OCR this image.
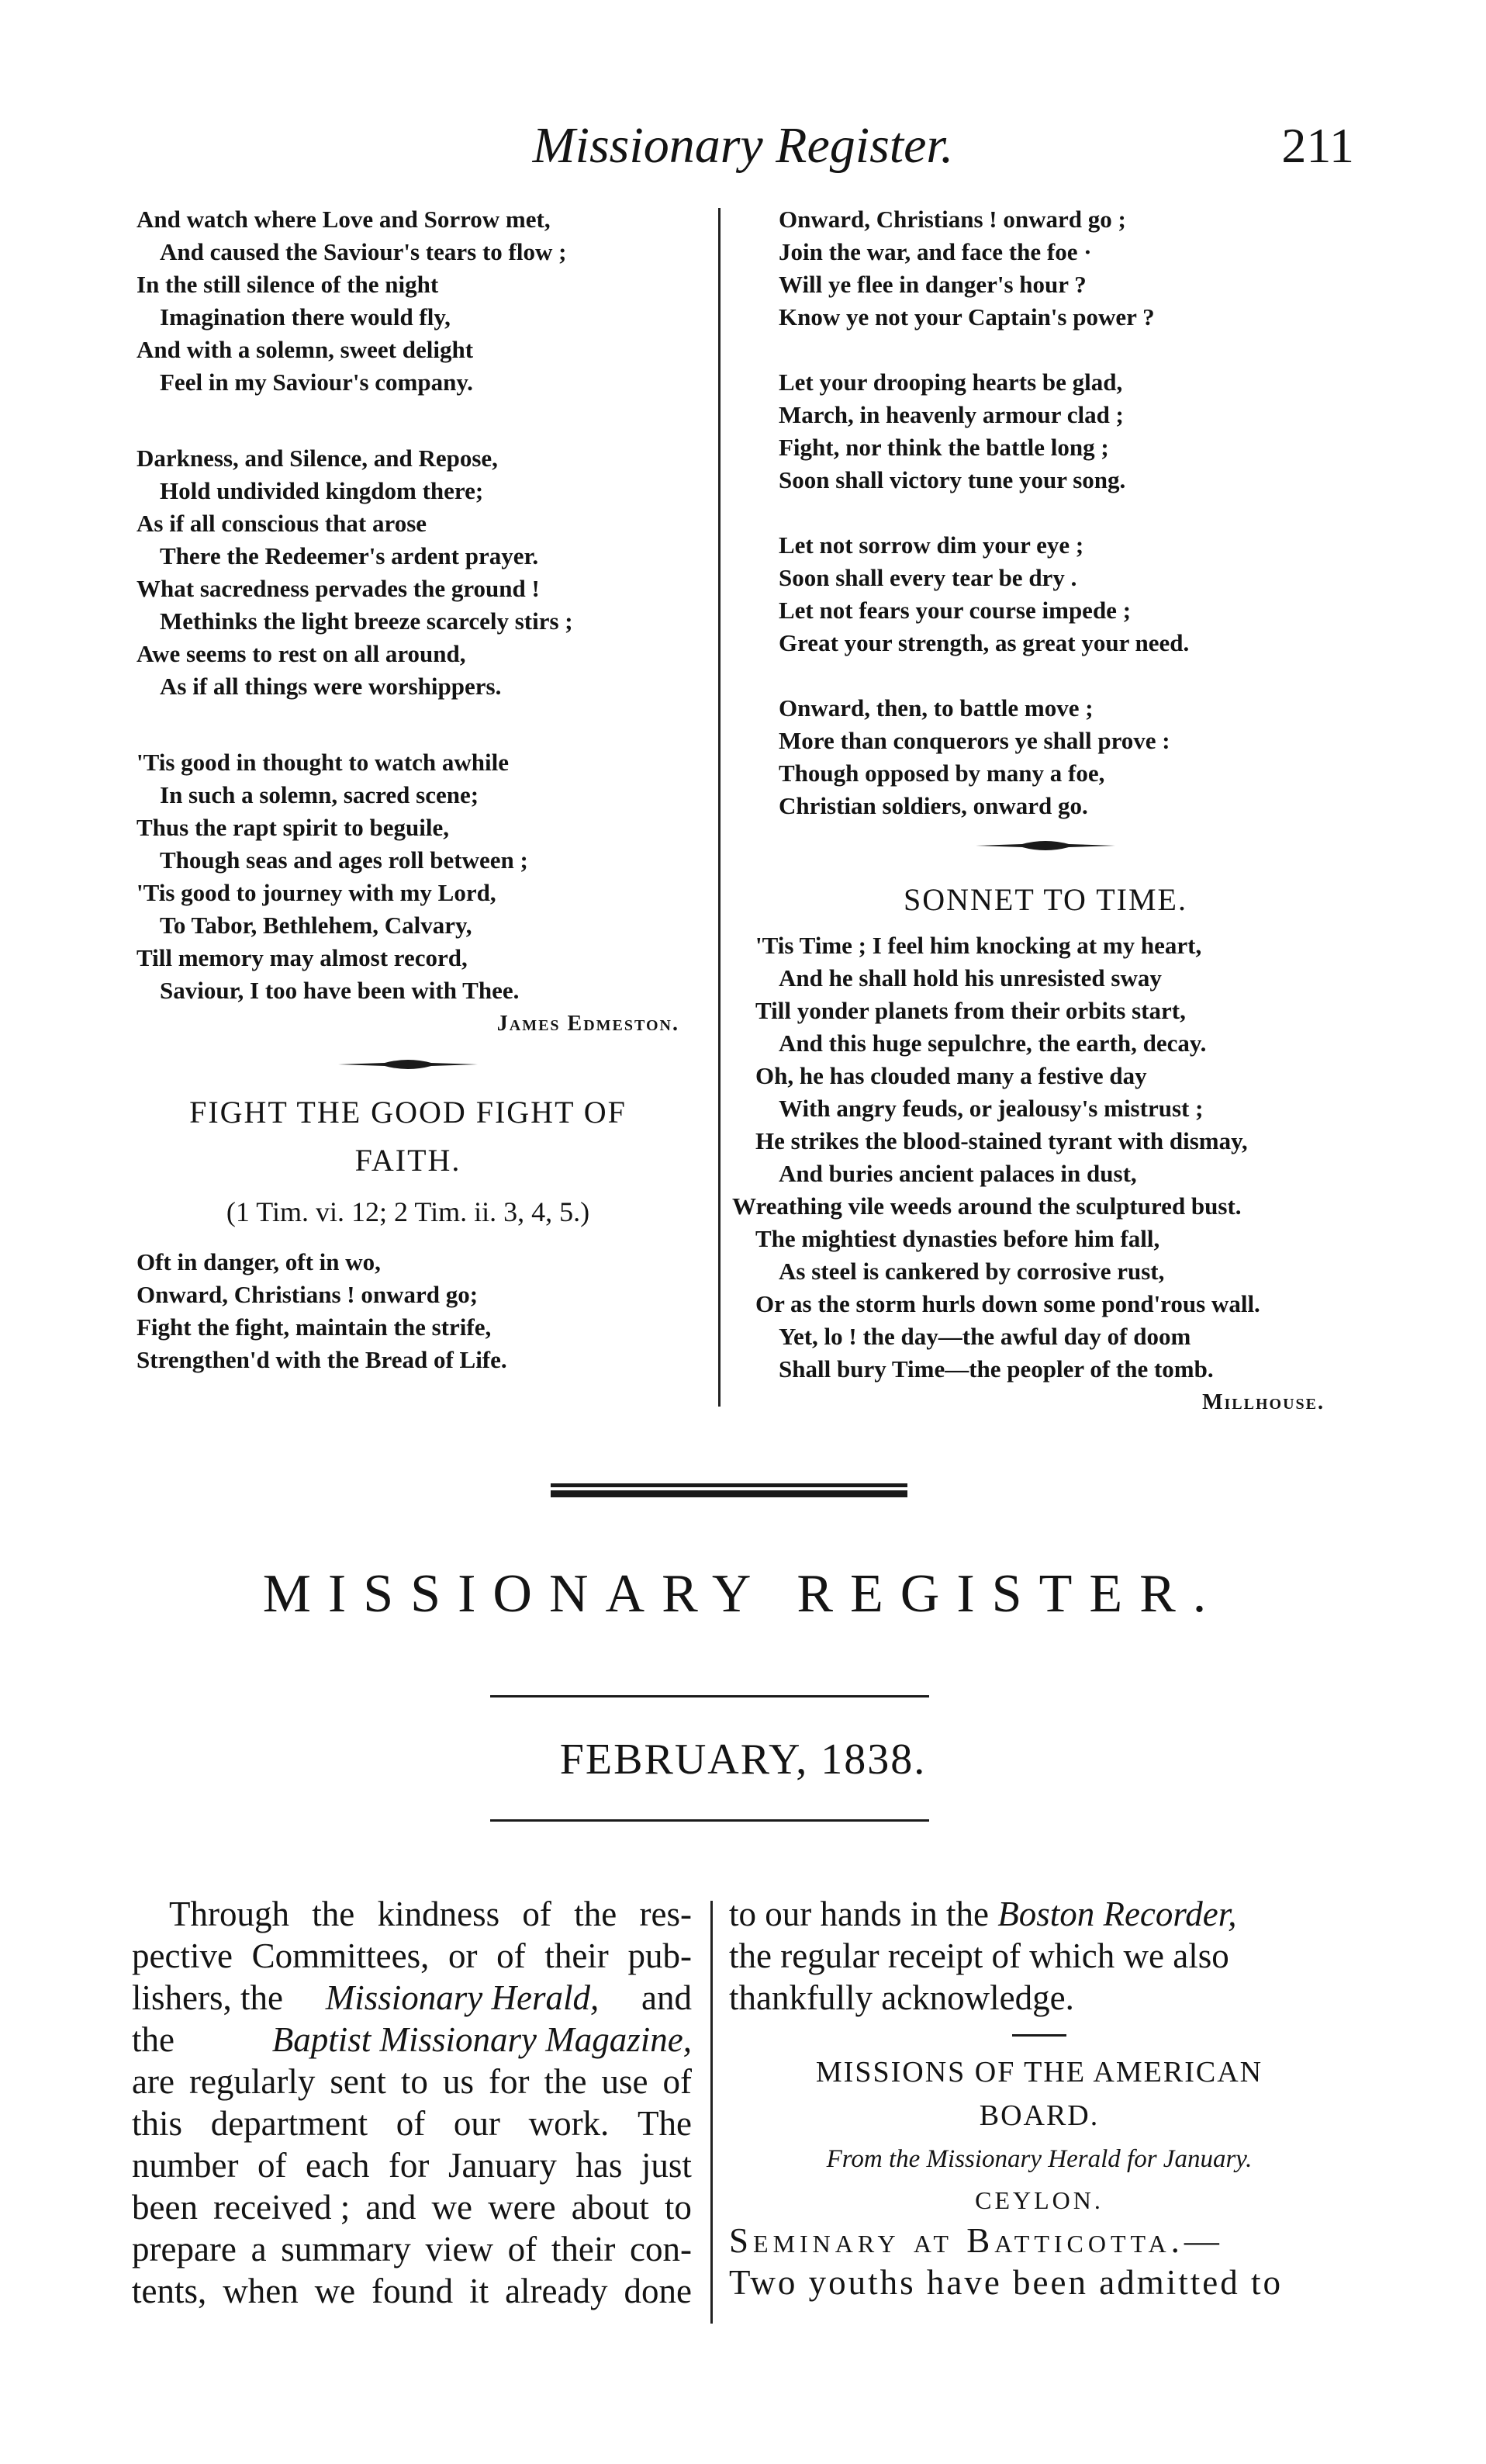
Missionary Register.	211
And watch where Love and Sorrow met,
And caused the Saviour's tears to flow ;
In the still silence of the night
Imagination there would fly,
And with a solemn, sweet delight
Feel in my Saviour's company.
Darkness, and Silence, and Repose,
Hold undivided kingdom there;
As if all conscious that arose
There the Redeemer's ardent prayer.
What sacredness pervades the ground !
Methinks the light breeze scarcely stirs ;
Awe seems to rest on all around,
As if all things were worshippers.
'Tis good in thought to watch awhile
In such a solemn, sacred scene;
Thus the rapt spirit to beguile,
Though seas and ages roll between ;
'Tis good to journey with my Lord,
To Tabor, Bethlehem, Calvary,
Till memory may almost record,
Saviour, I too have been with Thee.
James Edmeston.
FIGHT THE GOOD FIGHT OF
FAITH.
(1 Tim. vi. 12; 2 Tim. ii. 3, 4, 5.)
Oft in danger, oft in wo,
Onward, Christians ! onward go;
Fight the fight, maintain the strife,
Strengthen'd with the Bread of Life.
Onward, Christians ! onward go ;
Join the war, and face the foe ·
Will ye flee in danger's hour ?
Know ye not your Captain's power ?
Let your drooping hearts be glad,
March, in heavenly armour clad ;
Fight, nor think the battle long ;
Soon shall victory tune your song.
Let not sorrow dim your eye ;
Soon shall every tear be dry .
Let not fears your course impede ;
Great your strength, as great your need.
Onward, then, to battle move ;
More than conquerors ye shall prove :
Though opposed by many a foe,
Christian soldiers, onward go.
SONNET TO TIME.
'Tis Time ; I feel him knocking at my heart,
And he shall hold his unresisted sway
Till yonder planets from their orbits start,
And this huge sepulchre, the earth, decay.
Oh, he has clouded many a festive day
With angry feuds, or jealousy's mistrust ;
He strikes the blood-stained tyrant with dismay,
And buries ancient palaces in dust,
Wreathing vile weeds around the sculptured bust.
The mightiest dynasties before him fall,
As steel is cankered by corrosive rust,
Or as the storm hurls down some pond'rous wall.
Yet, lo ! the day—the awful day of doom
Shall bury Time—the peopler of the tomb.
Millhouse.
MISSIONARY REGISTER.
FEBRUARY, 1838.
Through the kindness of the res-
pective Committees, or of their pub-
lishers, the Missionary Herald, and
the	Baptist Missionary Magazine,
are regularly sent to us for the use of
this department of our work. The
number of each for January has just
been received ; and we were about to
prepare a summary view of their con-
tents, when we found it already done
to our hands in the Boston Recorder,
the regular receipt of which we also
thankfully acknowledge.
MISSIONS OF THE AMERICAN
BOARD.
From the Missionary Herald for January.
CEYLON.
Seminary at Batticotta.—
Two youths have been admitted to
